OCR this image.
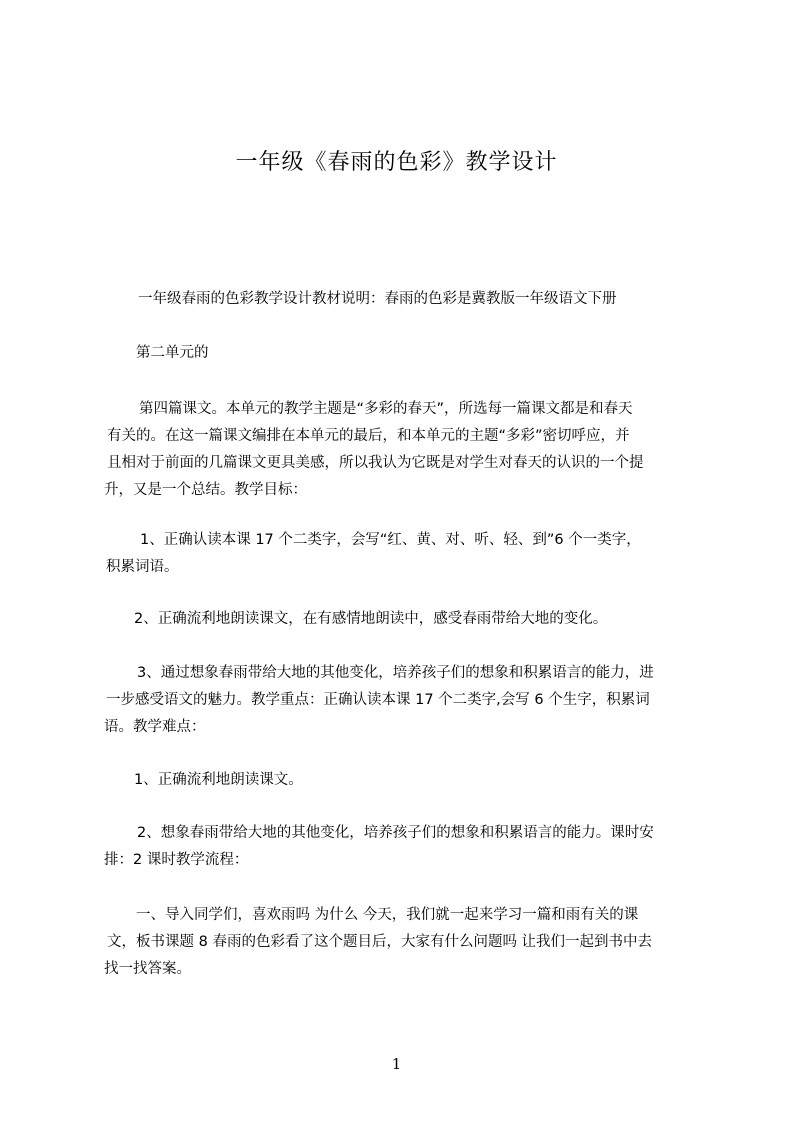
一年级《春雨的色彩》教学设计

一年级春雨的色彩教学设计教材说明：春雨的色彩是冀教版一年级语文下册

第二单元的

第四篇课文。本单元的教学主题是“多彩的春天”，所选每一篇课文都是和春天
有关的。在这一篇课文编排在本单元的最后，和本单元的主题“多彩”密切呼应，并
且相对于前面的几篇课文更具美感，所以我认为它既是对学生对春天的认识的一个提
升，又是一个总结。教学目标：

1、正确认读本课 17 个二类字，会写“红、黄、对、听、轻、到”6 个一类字，
积累词语。

2、正确流利地朗读课文，在有感情地朗读中，感受春雨带给大地的变化。

3、通过想象春雨带给大地的其他变化，培养孩子们的想象和积累语言的能力，进
一步感受语文的魅力。教学重点：正确认读本课 17 个二类字,会写 6 个生字，积累词
语。教学难点：

1、正确流利地朗读课文。

2、想象春雨带给大地的其他变化，培养孩子们的想象和积累语言的能力。课时安
排：2 课时教学流程：

一、导入同学们，喜欢雨吗 为什么 今天，我们就一起来学习一篇和雨有关的课
文，板书课题 8 春雨的色彩看了这个题目后，大家有什么问题吗 让我们一起到书中去
找一找答案。

1
